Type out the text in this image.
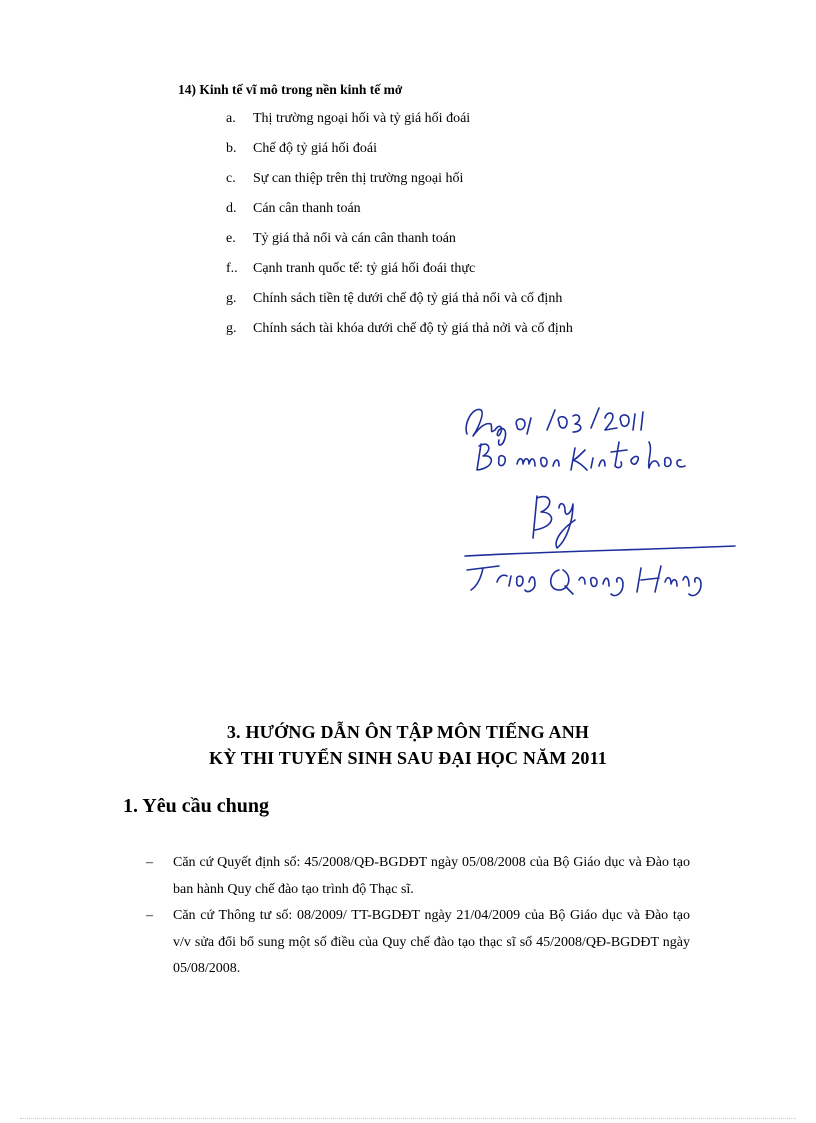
14) Kinh tế vĩ mô trong nền kinh tế mở
a.	Thị trường ngoại hối và tỷ giá hối đoái
b.	Chế độ tỷ giá hối đoái
c.	Sự can thiệp trên thị trường ngoại hối
d.	Cán cân thanh toán
e.	Tỷ giá thả nổi và cán cân thanh toán
f..	Cạnh tranh quốc tế: tỷ giá hối đoái thực
g.	Chính sách tiền tệ dưới chế độ tỷ giá thả nổi và cố định
g.	Chính sách tài khóa dưới chế độ tỷ giá thả nởi và cố định
3. HƯỚNG DẪN ÔN TẬP MÔN TIẾNG ANH
KỲ THI TUYỂN SINH SAU ĐẠI HỌC NĂM 2011
1. Yêu cầu chung
– Căn cứ Quyết định số: 45/2008/QĐ-BGDĐT ngày 05/08/2008 của Bộ Giáo dục và Đào tạo ban hành Quy chế đào tạo trình độ Thạc sĩ.
– Căn cứ Thông tư số: 08/2009/ TT-BGDĐT ngày 21/04/2009 của Bộ Giáo dục và Đào tạo v/v sửa đổi bổ sung một số điều của Quy chế đào tạo thạc sĩ số 45/2008/QĐ-BGDĐT ngày 05/08/2008.
